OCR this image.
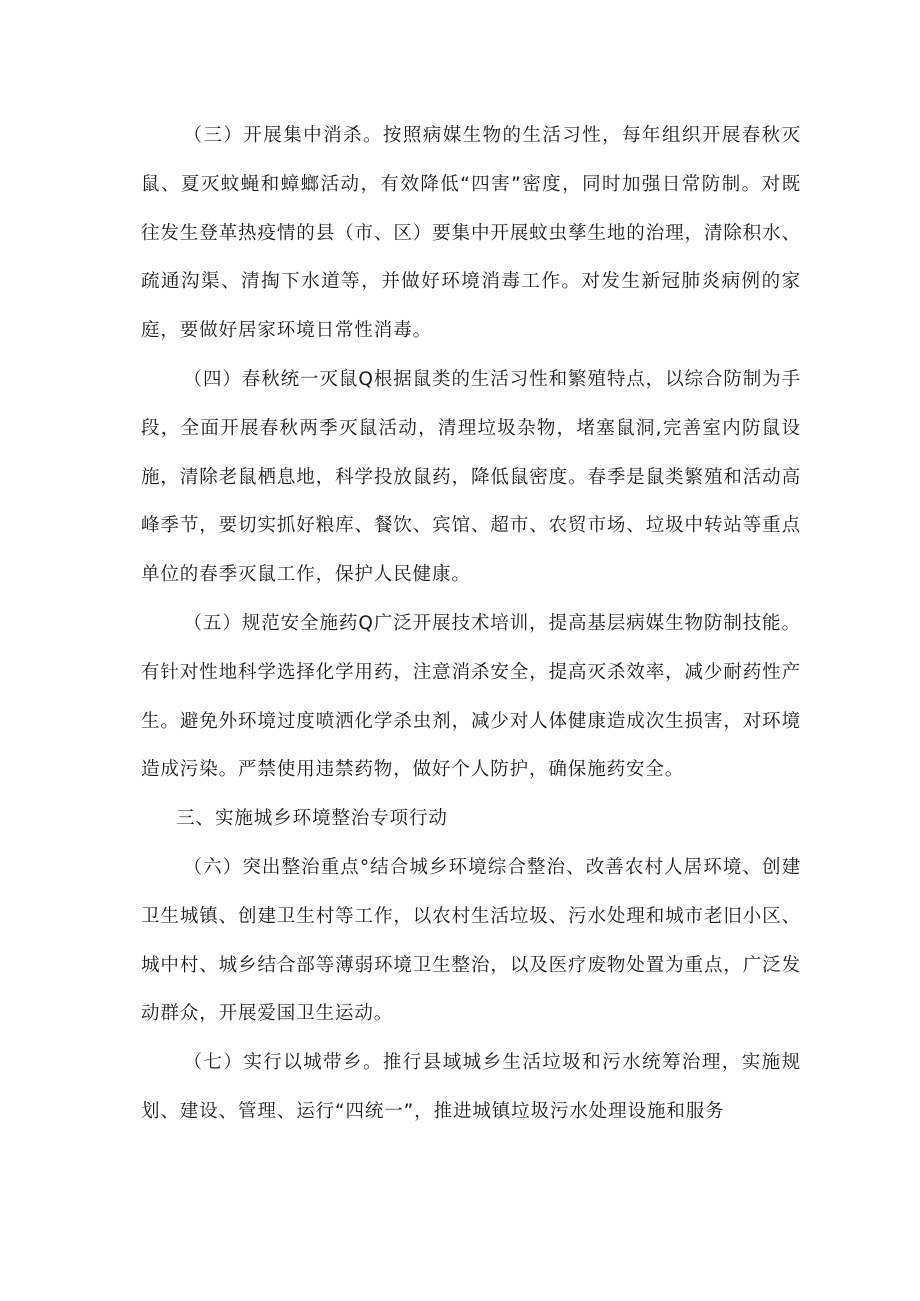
（三）开展集中消杀。按照病媒生物的生活习性，每年组织开展春秋灭鼠、夏灭蚊蝇和蟑螂活动，有效降低“四害”密度，同时加强日常防制。对既往发生登革热疫情的县（市、区）要集中开展蚊虫孳生地的治理，清除积水、疏通沟渠、清掏下水道等，并做好环境消毒工作。对发生新冠肺炎病例的家庭，要做好居家环境日常性消毒。

（四）春秋统一灭鼠Q根据鼠类的生活习性和繁殖特点，以综合防制为手段，全面开展春秋两季灭鼠活动，清理垃圾杂物，堵塞鼠洞,完善室内防鼠设施，清除老鼠栖息地，科学投放鼠药，降低鼠密度。春季是鼠类繁殖和活动高峰季节，要切实抓好粮库、餐饮、宾馆、超市、农贸市场、垃圾中转站等重点单位的春季灭鼠工作，保护人民健康。

（五）规范安全施药Q广泛开展技术培训，提高基层病媒生物防制技能。有针对性地科学选择化学用药，注意消杀安全，提高灭杀效率，减少耐药性产生。避免外环境过度喷洒化学杀虫剂，减少对人体健康造成次生损害，对环境造成污染。严禁使用违禁药物，做好个人防护，确保施药安全。

三、实施城乡环境整治专项行动

（六）突出整治重点°结合城乡环境综合整治、改善农村人居环境、创建卫生城镇、创建卫生村等工作，以农村生活垃圾、污水处理和城市老旧小区、城中村、城乡结合部等薄弱环境卫生整治，以及医疗废物处置为重点，广泛发动群众，开展爱国卫生运动。

（七）实行以城带乡。推行县域城乡生活垃圾和污水统筹治理，实施规划、建设、管理、运行“四统一”，推进城镇垃圾污水处理设施和服务
